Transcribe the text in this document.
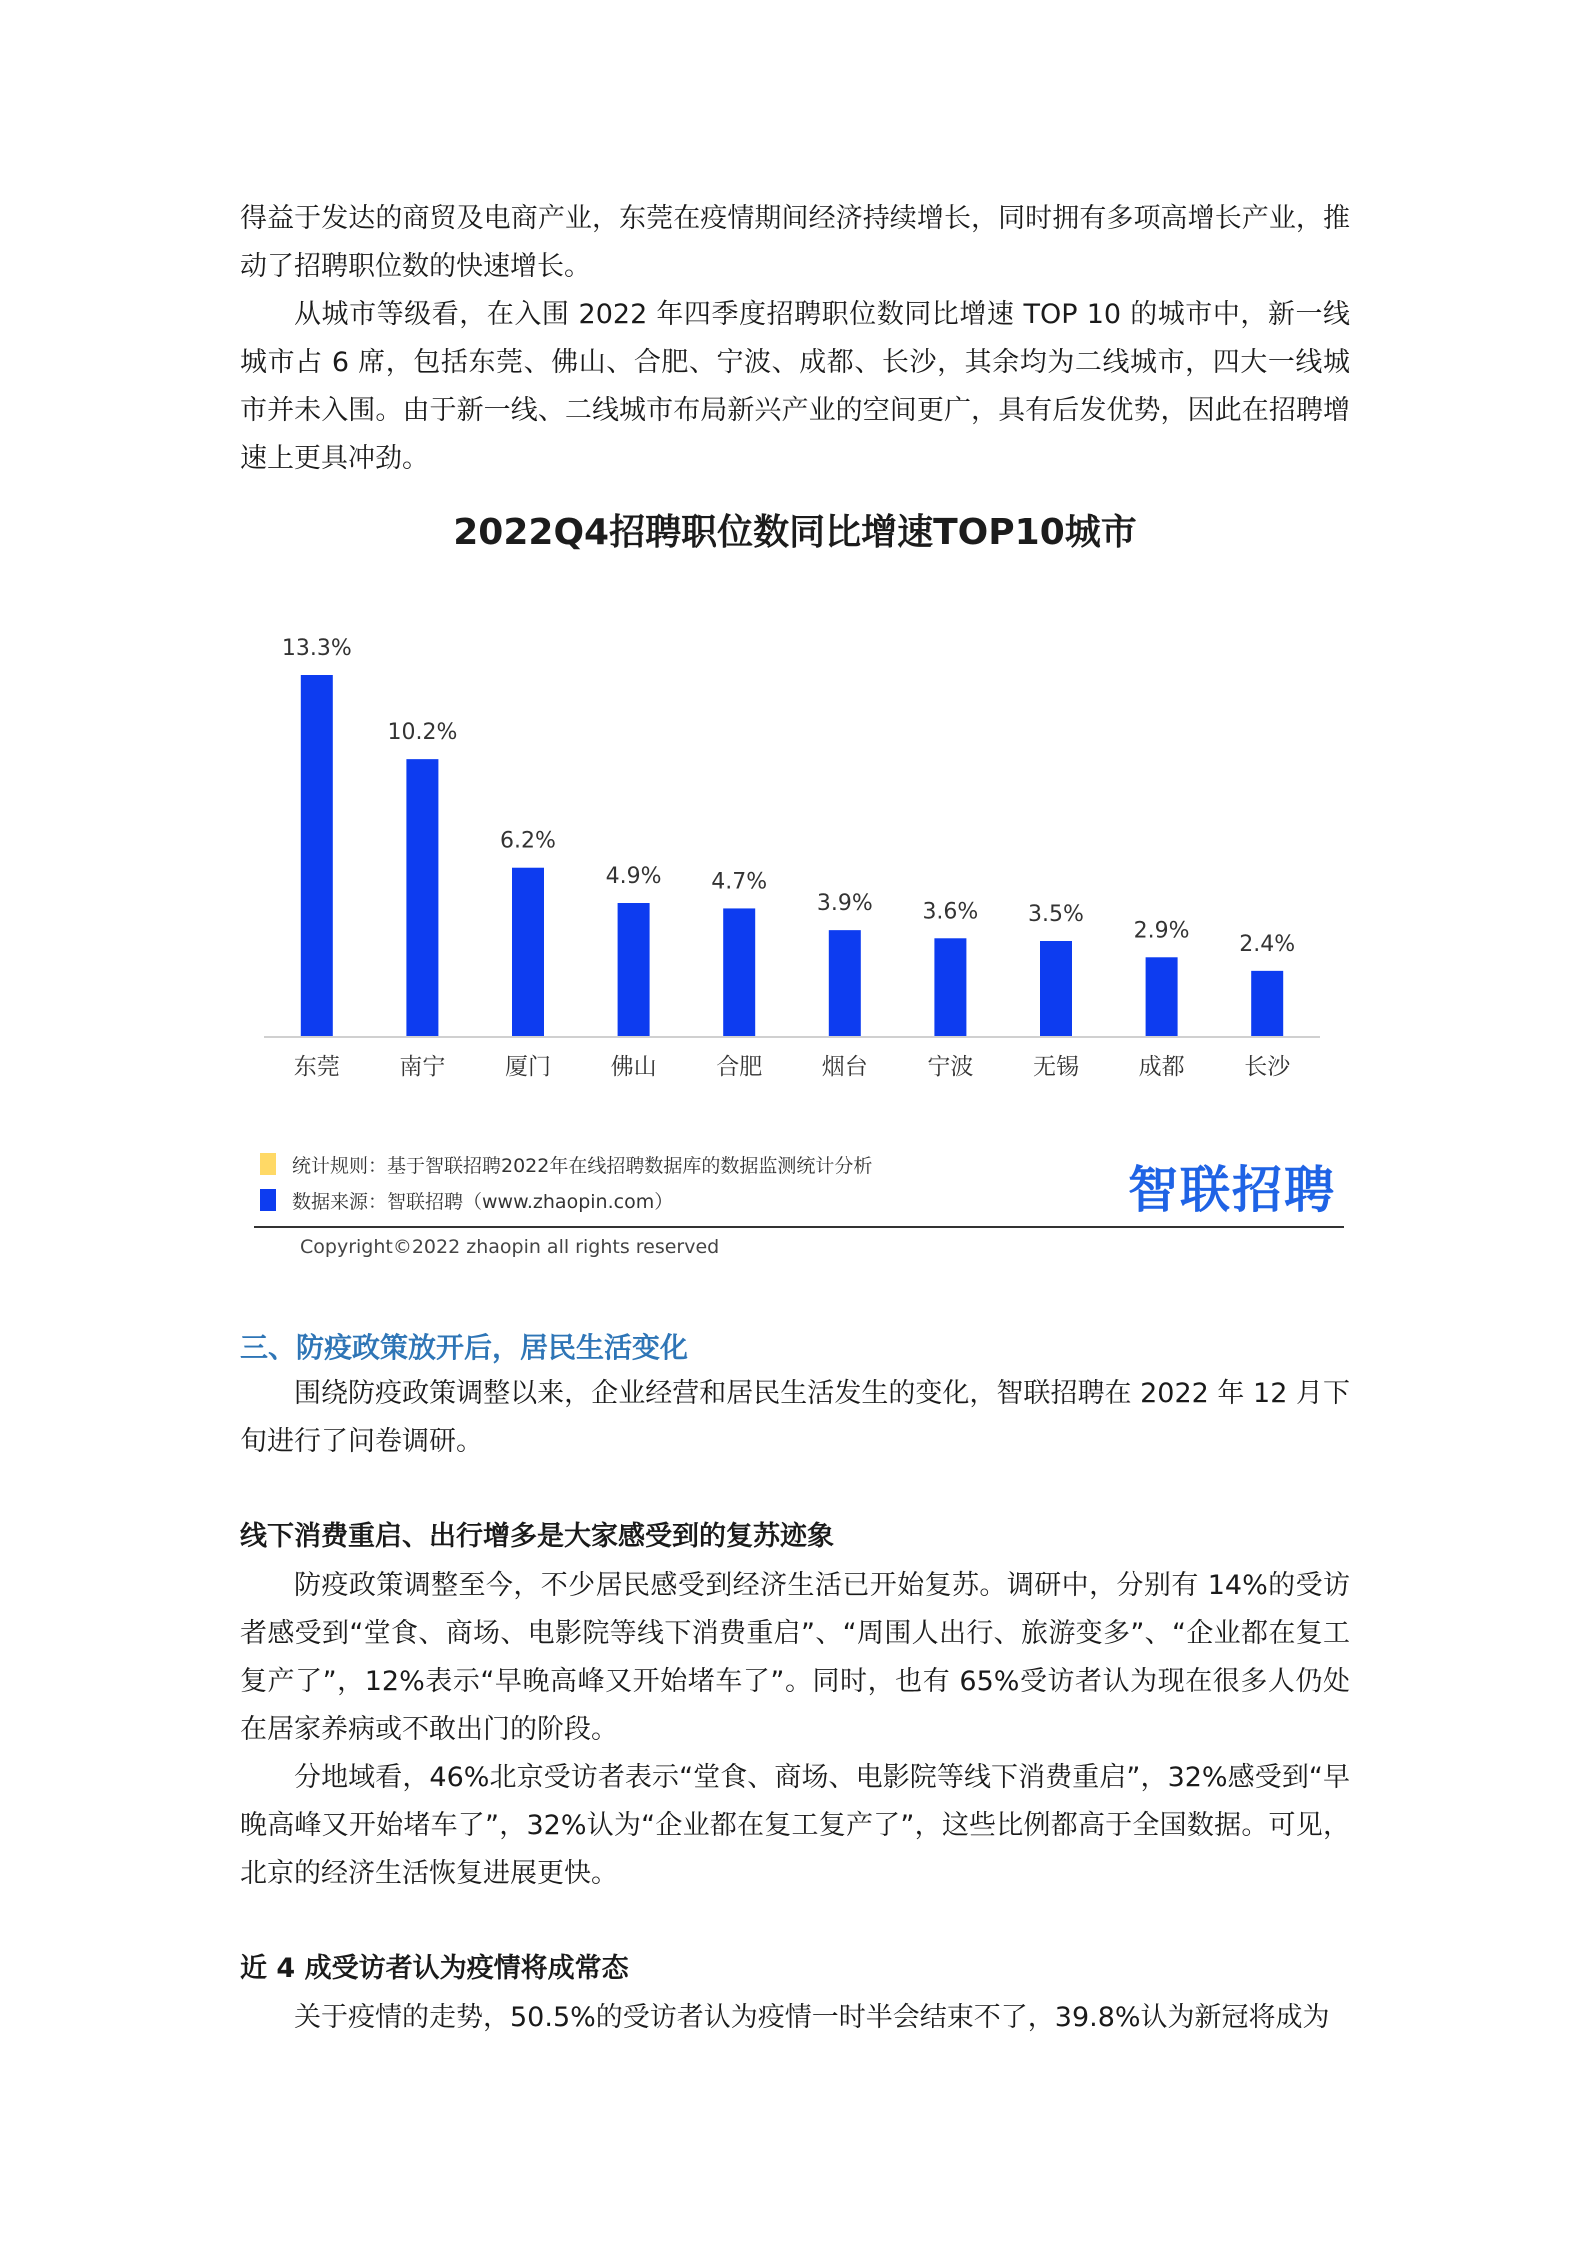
得益于发达的商贸及电商产业，东莞在疫情期间经济持续增长，同时拥有多项高增长产业，推动了招聘职位数的快速增长。

从城市等级看，在入围 2022 年四季度招聘职位数同比增速 TOP 10 的城市中，新一线城市占 6 席，包括东莞、佛山、合肥、宁波、成都、长沙，其余均为二线城市，四大一线城市并未入围。由于新一线、二线城市布局新兴产业的空间更广，具有后发优势，因此在招聘增速上更具冲劲。

13.3%
东莞
10.2%
南宁
6.2%
厦门
4.9%
佛山
4.7%
合肥
3.9%
烟台
3.6%
宁波
3.5%
无锡
2.9%
成都
2.4%
长沙
2022Q4招聘职位数同比增速TOP10城市
统计规则：基于智联招聘2022年在线招聘数据库的数据监测统计分析
数据来源：智联招聘（www.zhaopin.com）	智联招聘
Copyright©2022 zhaopin all rights reserved
三、防疫政策放开后，居民生活变化

围绕防疫政策调整以来，企业经营和居民生活发生的变化，智联招聘在 2022 年 12 月下旬进行了问卷调研。

线下消费重启、出行增多是大家感受到的复苏迹象

防疫政策调整至今，不少居民感受到经济生活已开始复苏。调研中，分别有 14%的受访者感受到“堂食、商场、电影院等线下消费重启”、“周围人出行、旅游变多”、“企业都在复工复产了”，12%表示“早晚高峰又开始堵车了”。同时，也有 65%受访者认为现在很多人仍处在居家养病或不敢出门的阶段。

分地域看，46%北京受访者表示“堂食、商场、电影院等线下消费重启”，32%感受到“早晚高峰又开始堵车了”，32%认为“企业都在复工复产了”，这些比例都高于全国数据。可见，北京的经济生活恢复进展更快。

近 4 成受访者认为疫情将成常态

关于疫情的走势，50.5%的受访者认为疫情一时半会结束不了，39.8%认为新冠将成为
